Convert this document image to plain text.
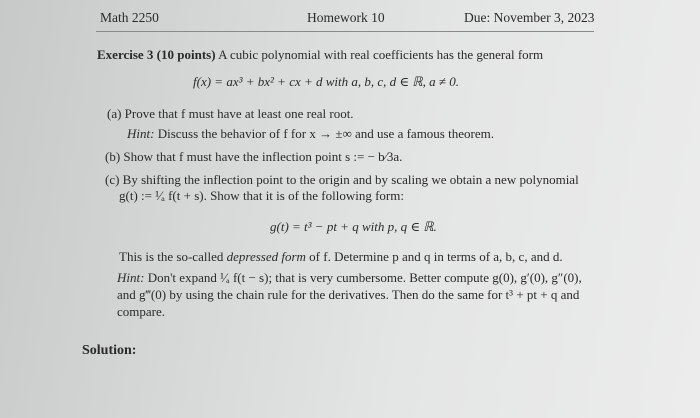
Math 2250	Homework 10	Due: November 3, 2023
Exercise 3 (10 points) A cubic polynomial with real coefficients has the general form
f(x) = ax³ + bx² + cx + d with a, b, c, d ∈ ℝ, a ≠ 0.
(a) Prove that f must have at least one real root.
Hint: Discuss the behavior of f for x → ±∞ and use a famous theorem.
(b) Show that f must have the inflection point s := − b⁄3a.
(c) By shifting the inflection point to the origin and by scaling we obtain a new polynomial
g(t) := ¹⁄ₐ f(t + s). Show that it is of the following form:
g(t) = t³ − pt + q with p, q ∈ ℝ.
This is the so-called depressed form of f. Determine p and q in terms of a, b, c, and d.
Hint: Don't expand ¹⁄ₐ f(t − s); that is very cumbersome. Better compute g(0), g′(0), g″(0),
and g‴(0) by using the chain rule for the derivatives. Then do the same for t³ + pt + q and
compare.
Solution:
